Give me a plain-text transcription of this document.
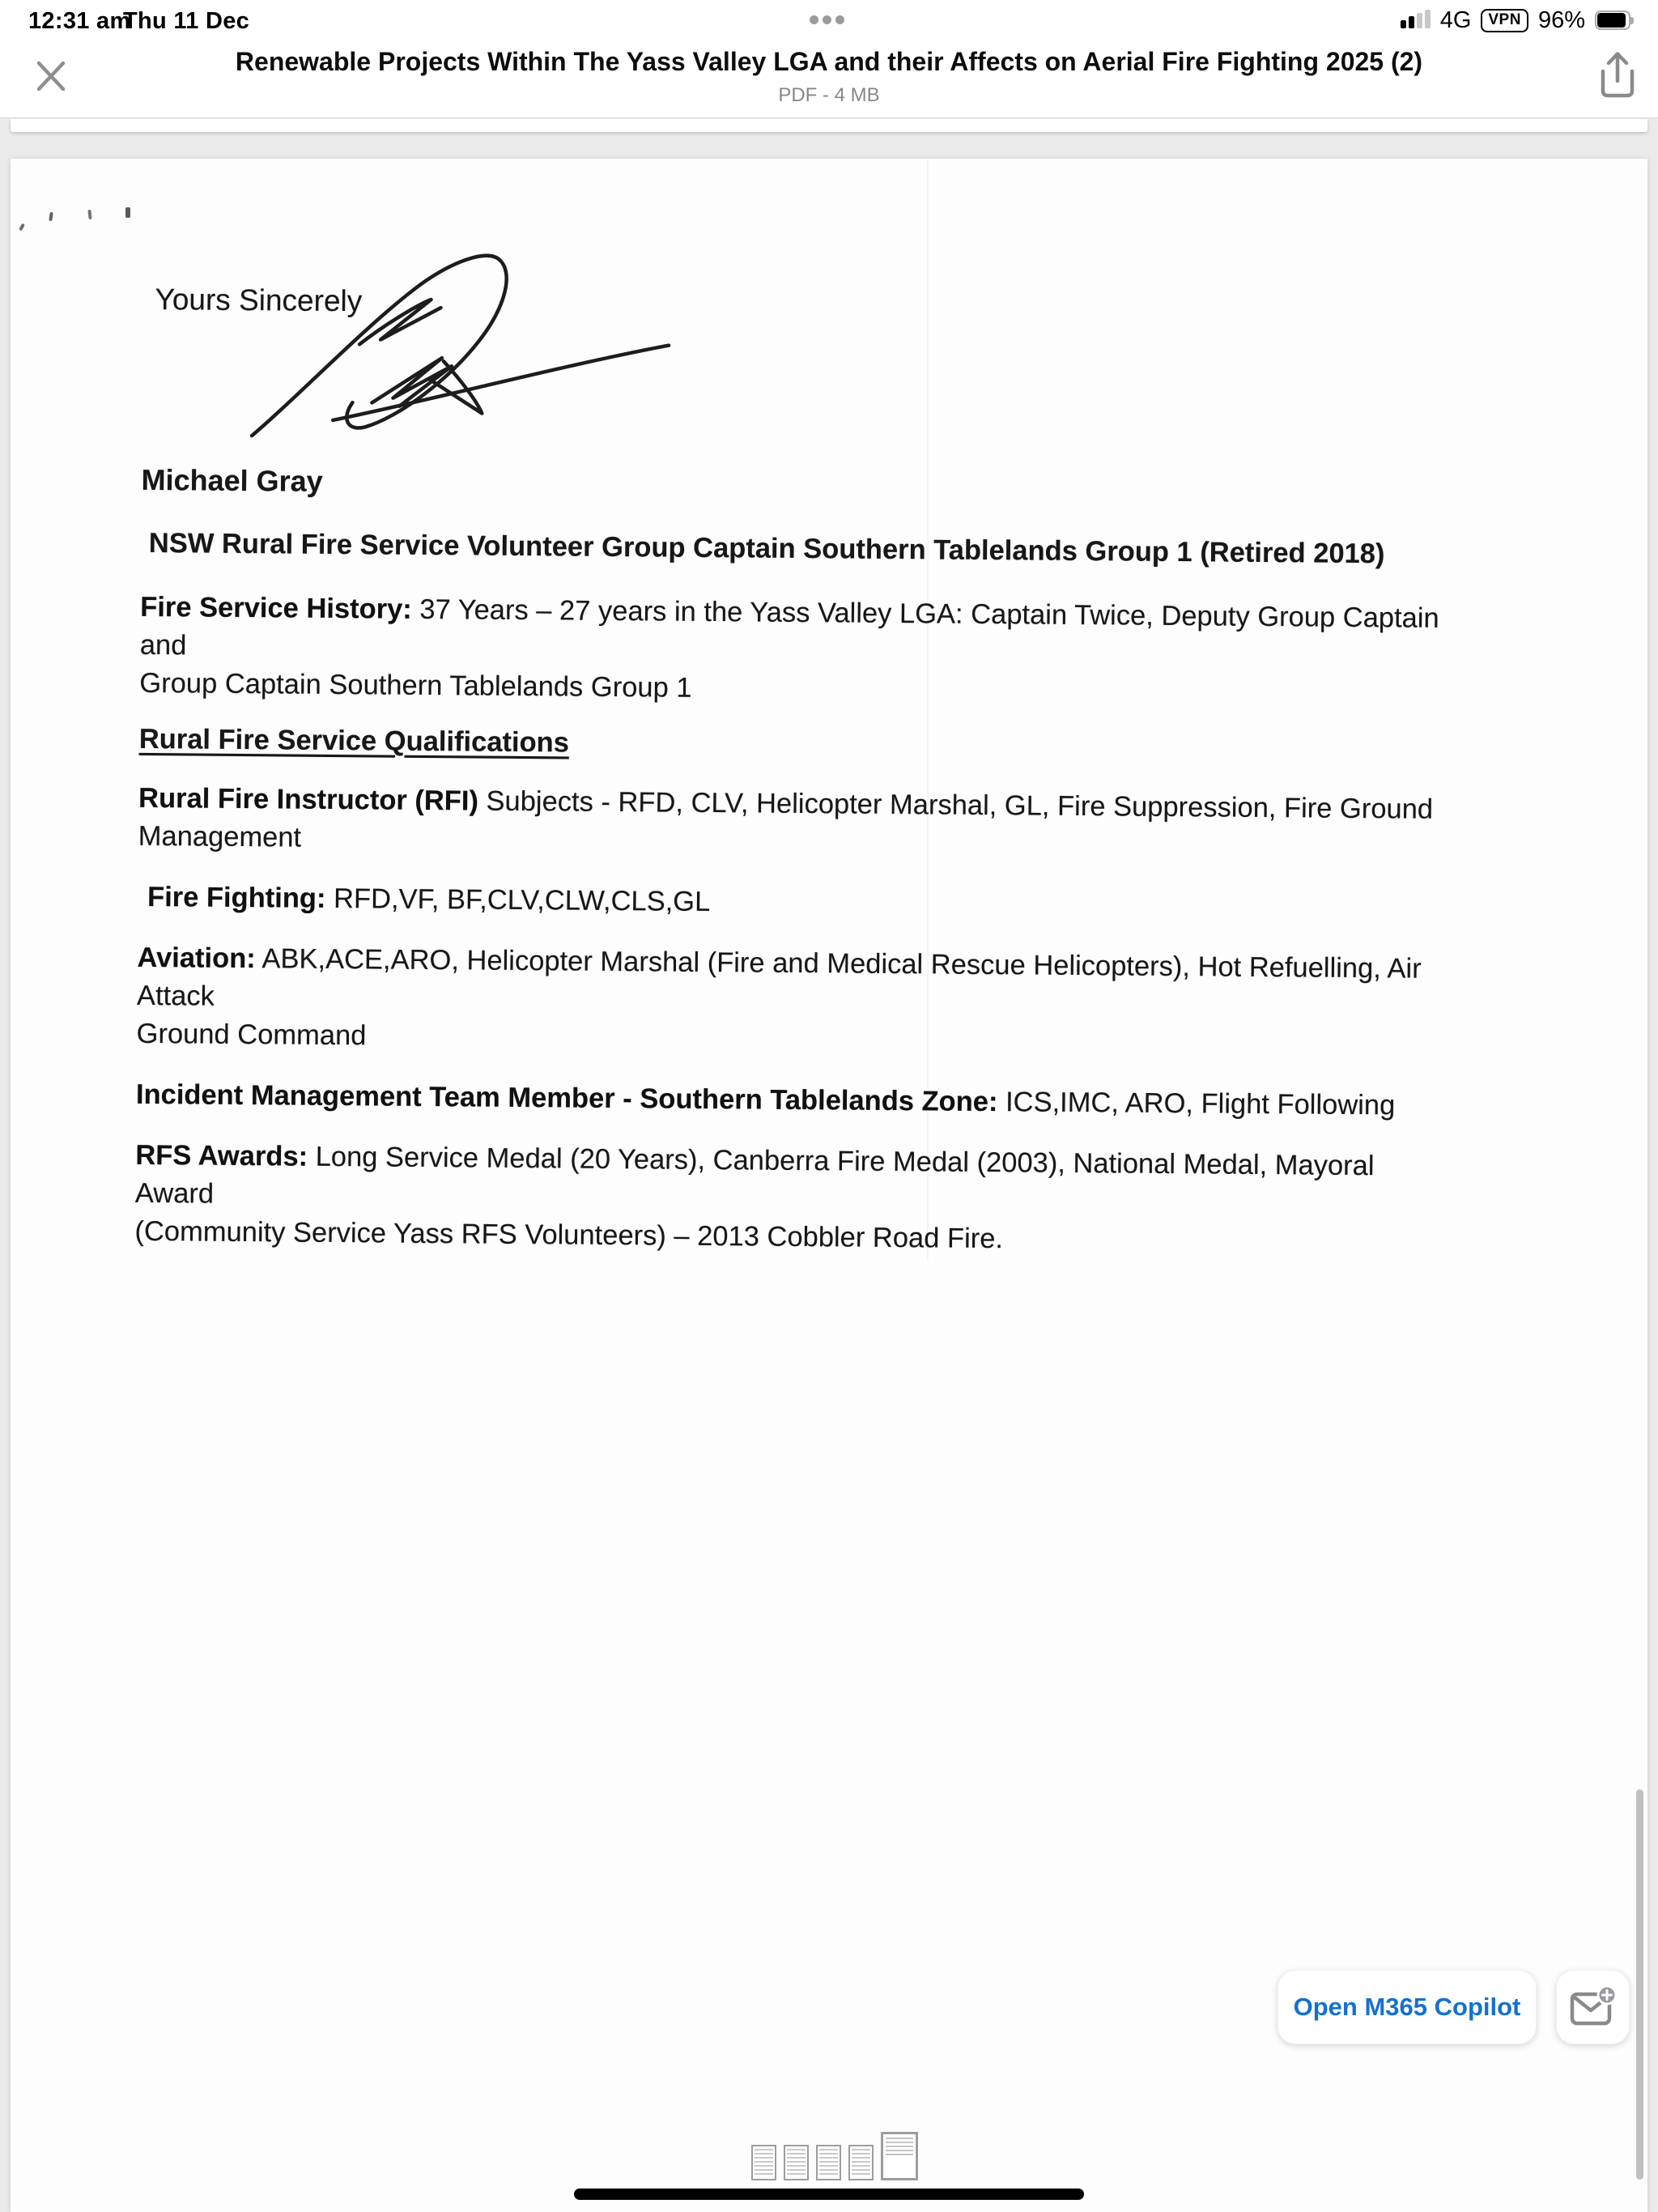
12:31 am
Thu 11 Dec	4G	VPN 96%
Renewable Projects Within The Yass Valley LGA and their Affects on Aerial Fire Fighting 2025 (2)
PDF - 4 MB
Yours Sincerely

Michael Gray

NSW Rural Fire Service Volunteer Group Captain Southern Tablelands Group 1 (Retired 2018)

Fire Service History: 37 Years – 27 years in the Yass Valley LGA: Captain Twice, Deputy Group Captain and
Group Captain Southern Tablelands Group 1

Rural Fire Service Qualifications

Rural Fire Instructor (RFI) Subjects - RFD, CLV, Helicopter Marshal, GL, Fire Suppression, Fire Ground
Management

Fire Fighting: RFD,VF, BF,CLV,CLW,CLS,GL

Aviation: ABK,ACE,ARO, Helicopter Marshal (Fire and Medical Rescue Helicopters), Hot Refuelling, Air Attack
Ground Command

Incident Management Team Member - Southern Tablelands Zone: ICS,IMC, ARO, Flight Following

RFS Awards: Long Service Medal (20 Years), Canberra Fire Medal (2003), National Medal, Mayoral Award
(Community Service Yass RFS Volunteers) – 2013 Cobbler Road Fire.

Open M365 Copilot
